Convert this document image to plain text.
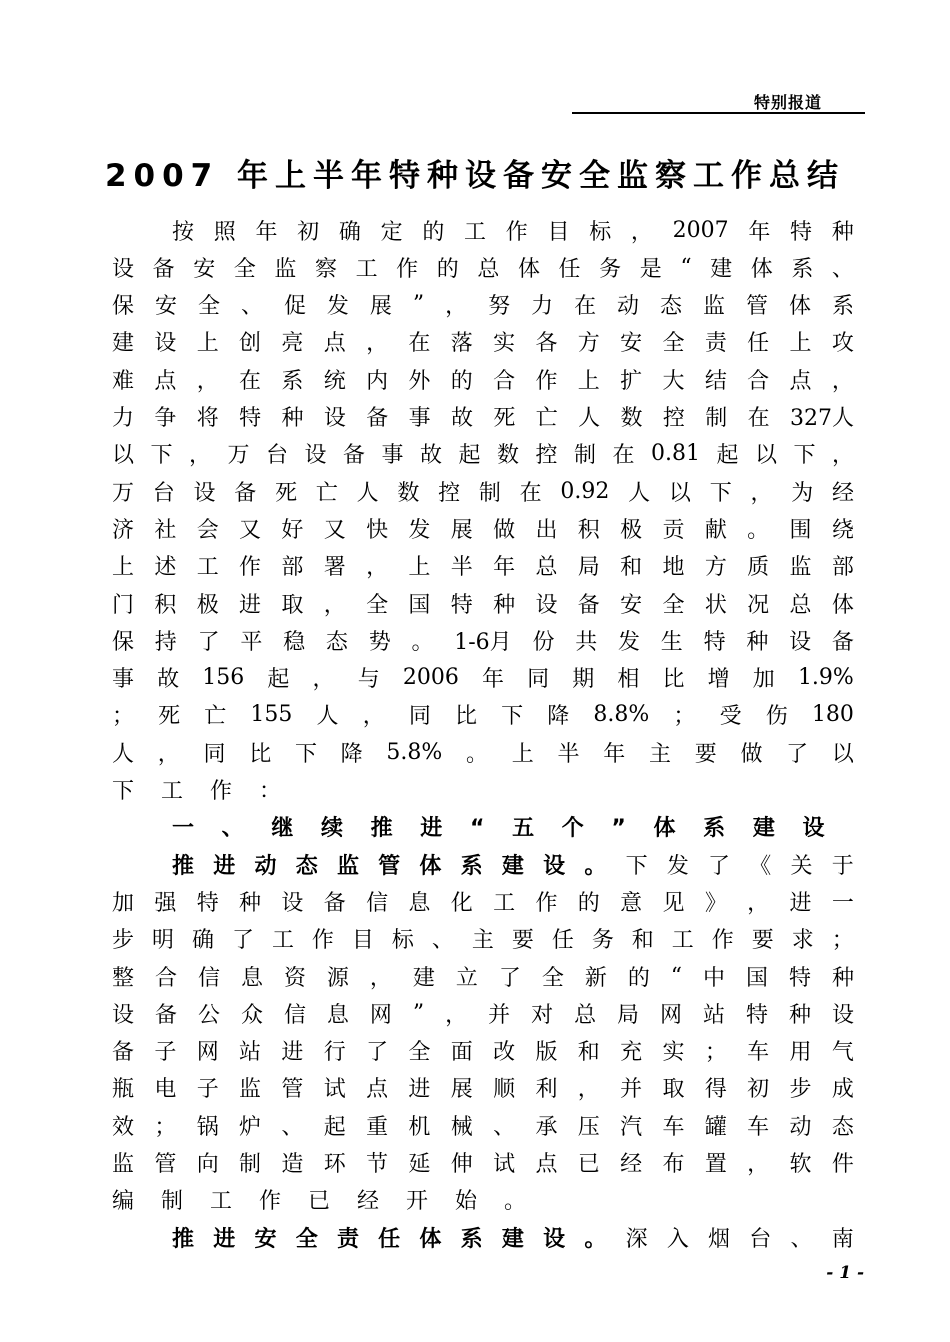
特别报道
2007 年上半年特种设备安全监察工作总结
按 照 年 初 确 定 的 工 作 目 标 ， 2007 年 特 种
设 备 安 全 监 察 工 作 的 总 体 任 务 是 “ 建 体 系 、
保 安 全 、 促 发 展 ” ， 努 力 在 动 态 监 管 体 系
建 设 上 创 亮 点 ， 在 落 实 各 方 安 全 责 任 上 攻
难 点 ， 在 系 统 内 外 的 合 作 上 扩 大 结 合 点 ，
力 争 将 特 种 设 备 事 故 死 亡 人 数 控 制 在 327人
以 下 ， 万 台 设 备 事 故 起 数 控 制 在 0.81 起 以 下 ，
万 台 设 备 死 亡 人 数 控 制 在 0.92 人 以 下 ， 为 经
济 社 会 又 好 又 快 发 展 做 出 积 极 贡 献 。 围 绕
上 述 工 作 部 署 ， 上 半 年 总 局 和 地 方 质 监 部
门 积 极 进 取 ， 全 国 特 种 设 备 安 全 状 况 总 体
保 持 了 平 稳 态 势 。 1-6月 份 共 发 生 特 种 设 备
事 故 156 起 ， 与 2006 年 同 期 相 比 增 加 1.9%
； 死 亡 155 人 ， 同 比 下 降 8.8% ； 受 伤 180
人 ， 同 比 下 降 5.8% 。 上 半 年 主 要 做 了 以
下 工 作 ：
一 、 继 续 推 进 “ 五 个 ” 体 系 建 设
推 进 动 态 监 管 体 系 建 设 。 下 发 了 《 关 于
加 强 特 种 设 备 信 息 化 工 作 的 意 见 》 ， 进 一
步 明 确 了 工 作 目 标 、 主 要 任 务 和 工 作 要 求 ；
整 合 信 息 资 源 ， 建 立 了 全 新 的 “ 中 国 特 种
设 备 公 众 信 息 网 ” ， 并 对 总 局 网 站 特 种 设
备 子 网 站 进 行 了 全 面 改 版 和 充 实 ； 车 用 气
瓶 电 子 监 管 试 点 进 展 顺 利 ， 并 取 得 初 步 成
效 ； 锅 炉 、 起 重 机 械 、 承 压 汽 车 罐 车 动 态
监 管 向 制 造 环 节 延 伸 试 点 已 经 布 置 ， 软 件
编 制 工 作 已 经 开 始 。
推 进 安 全 责 任 体 系 建 设 。 深 入 烟 台 、 南
- 1 -
